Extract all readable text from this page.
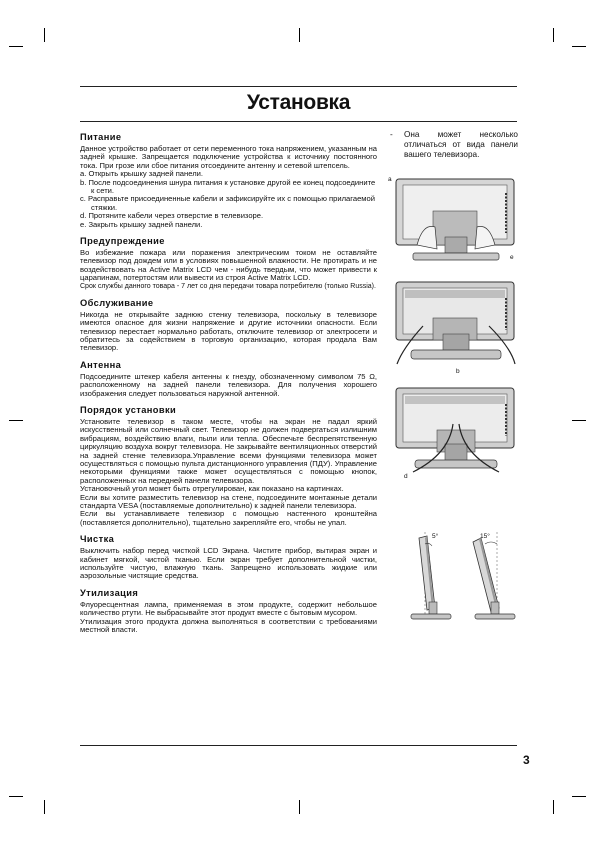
Установка
Питание

Данное устройство работает от сети переменного тока напряжением, указанным на задней крышке. Запрещается подключение устройства к источнику постоянного тока. При грозе или сбое питания отсоедините антенну и сетевой штепсель.

a. Открыть крышку задней панели.

b. После подсоединения шнура питания к установке другой ее конец подсоедините к сети.

c. Расправьте присоединенные кабели и зафиксируйте их с помощью прилагаемой стяжки.

d. Протяните кабели через отверстие в телевизоре.

e. Закрыть крышку задней панели.

Предупреждение

Во избежание пожара или поражения электрическим током не оставляйте телевизор под дождем или в условиях повышенной влажности. Не протирать и не воздействовать на Active Matrix LCD чем - нибудь твердым, что может привести к царапинам, потертостям или вывести из строя Active Matrix LCD.

Срок службы данного товара - 7 лет со дня передачи товара потребителю (только Russia).

Обслуживание

Никогда не открывайте заднюю стенку телевизора, поскольку в телевизоре имеются опасное для жизни напряжение и другие источники опасности. Если телевизор перестает нормально работать, отключите телевизор от электросети и обратитесь за содействием в торговую организацию, которая продала Вам телевизор.

Антенна

Подсоедините штекер кабеля антенны к гнезду, обозначенному символом 75 Ω, расположенному на задней панели телевизора. Для получения хорошего изображения следует пользоваться наружной антенной.

Порядок установки

Установите телевизор в таком месте, чтобы на экран не падал яркий искусственный или солнечный свет. Телевизор не должен подвергаться излишним вибрациям, воздействию влаги, пыли или тепла. Обеспечьте беспрепятственную циркуляцию воздуха вокруг телевизора. Не закрывайте вентиляционных отверстий на задней стенке телевизора.Управление всеми функциями телевизора может осуществляться с помощью пульта дистанционного управления (ПДУ). Управление некоторыми функциями также может осуществляться с помощью кнопок, расположенных на передней панели телевизора.

Установочный угол может быть отрегулирован, как показано на картинках.

Если вы хотите разместить телевизор на стене, подсоедините монтажные детали стандарта VESA (поставляемые дополнительно) к задней панели телевизора.

Если вы устанавливаете телевизор с помощью настенного кронштейна (поставляется дополнительно), тщательно закрепляйте его, чтобы не упал.

Чистка

Выключить набор перед чисткой LCD Экрана. Чистите прибор, вытирая экран и кабинет мягкой, чистой тканью. Если экран требует дополнительной чистки, используйте чистую, влажную ткань. Запрещено использовать жидкие или аэрозольные чистящие средства.

Утилизация

Флуоресцентная лампа, применяемая в этом продукте, содержит небольшое количество ртути. Не выбрасывайте этот продукт вместе с бытовым мусором.

Утилизация этого продукта должна выполняться в соответствии с требованиями местной власти.

-	Она может несколько отличаться от вида панели вашего телевизора.
a
e
b
d
5°	15°
3
